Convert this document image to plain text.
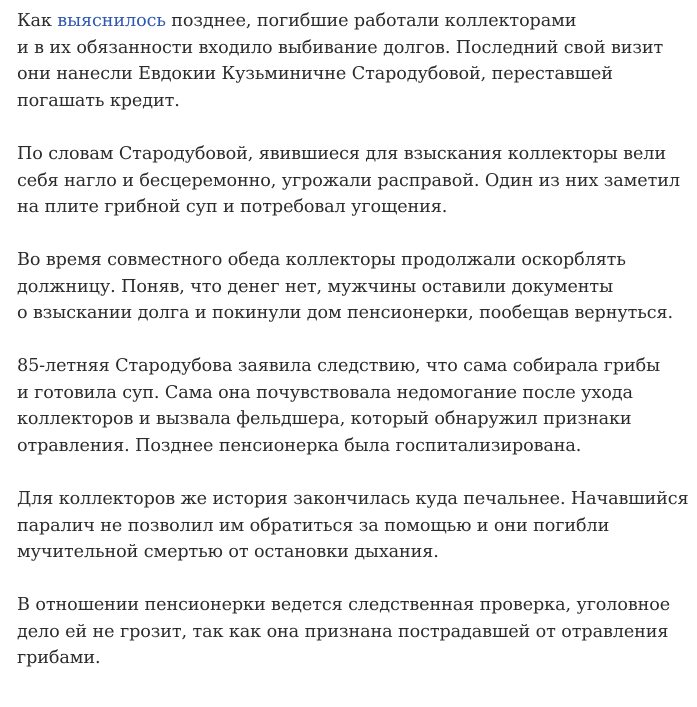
Как выяснилось позднее, погибшие работали коллекторами
и в их обязанности входило выбивание долгов. Последний свой визит
они нанесли Евдокии Кузьминичне Стародубовой, переставшей
погашать кредит.

По словам Стародубовой, явившиеся для взыскания коллекторы вели
себя нагло и бесцеремонно, угрожали расправой. Один из них заметил
на плите грибной суп и потребовал угощения.

Во время совместного обеда коллекторы продолжали оскорблять
должницу. Поняв, что денег нет, мужчины оставили документы
о взыскании долга и покинули дом пенсионерки, пообещав вернуться.

85-летняя Стародубова заявила следствию, что сама собирала грибы
и готовила суп. Сама она почувствовала недомогание после ухода
коллекторов и вызвала фельдшера, который обнаружил признаки
отравления. Позднее пенсионерка была госпитализирована.

Для коллекторов же история закончилась куда печальнее. Начавшийся
паралич не позволил им обратиться за помощью и они погибли
мучительной смертью от остановки дыхания.

В отношении пенсионерки ведется следственная проверка, уголовное
дело ей не грозит, так как она признана пострадавшей от отравления
грибами.
